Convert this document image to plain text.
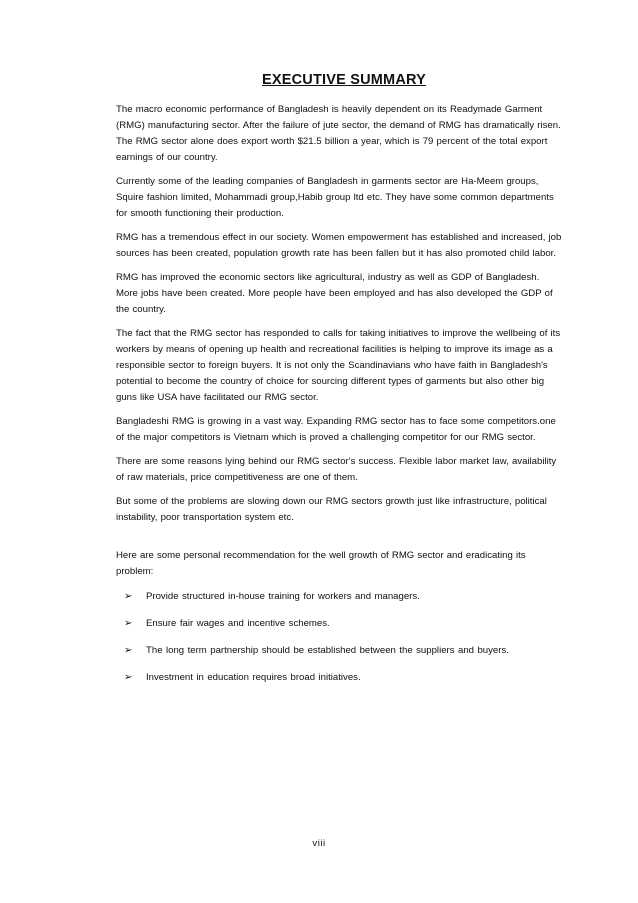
EXECUTIVE SUMMARY

The macro economic performance of Bangladesh is heavily dependent on its Readymade Garment (RMG) manufacturing sector. After the failure of jute sector, the demand of RMG has dramatically risen. The RMG sector alone does export worth $21.5 billion a year, which is 79 percent of the total export earnings of our country.

Currently some of the leading companies of Bangladesh in garments sector are Ha-Meem groups, Squire fashion limited, Mohammadi group,Habib group ltd etc. They have some common departments for smooth functioning their production.

RMG has a tremendous effect in our society. Women empowerment has established and increased, job sources has been created, population growth rate has been fallen but it has also promoted child labor.

RMG has improved the economic sectors like agricultural, industry as well as GDP of Bangladesh. More jobs have been created. More people have been employed and has also developed the GDP of the country.

The fact that the RMG sector has responded to calls for taking initiatives to improve the wellbeing of its workers by means of opening up health and recreational facilities is helping to improve its image as a responsible sector to foreign buyers. It is not only the Scandinavians who have faith in Bangladesh's potential to become the country of choice for sourcing different types of garments but also other big guns like USA have facilitated our RMG sector.

Bangladeshi RMG is growing in a vast way. Expanding RMG sector has to face some competitors.one of the major competitors is Vietnam which is proved a challenging competitor for our RMG sector.

There are some reasons lying behind our RMG sector's success. Flexible labor market law, availability of raw materials, price competitiveness are one of them.

But some of the problems are slowing down our RMG sectors growth just like infrastructure, political instability, poor transportation system etc.

Here are some personal recommendation for the well growth of RMG sector and eradicating its problem:

➢	Provide structured in-house training for workers and managers.
➢	Ensure fair wages and incentive schemes.
➢	The long term partnership should be established between the suppliers and buyers.
➢	Investment in education requires broad initiatives.
viii
